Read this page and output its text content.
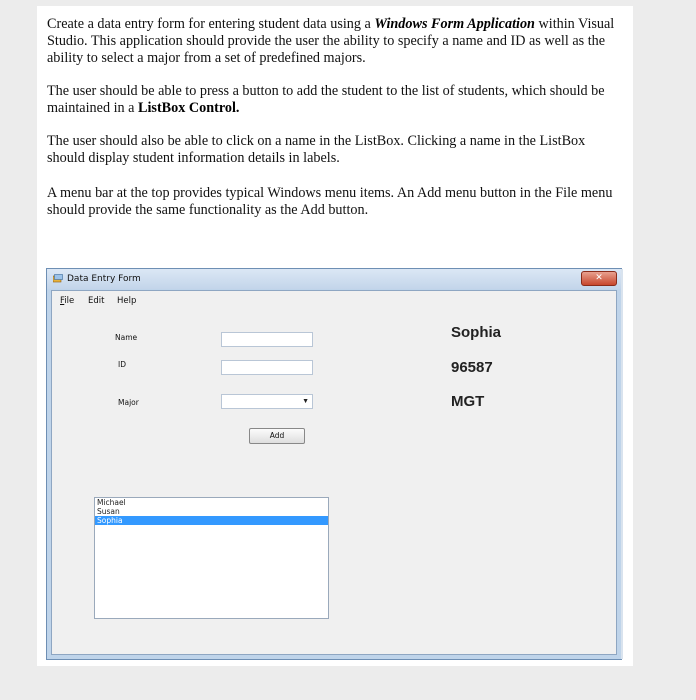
Create a data entry form for entering student data using a Windows Form Application within Visual Studio. This application should provide the user the ability to specify a name and ID as well as the ability to select a major from a set of predefined majors.

The user should be able to press a button to add the student to the list of students, which should be maintained in a ListBox Control.

The user should also be able to click on a name in the ListBox. Clicking a name in the ListBox should display student information details in labels.

A menu bar at the top provides typical Windows menu items. An Add menu button in the File menu should provide the same functionality as the Add button.

Data Entry Form	✕
File Edit Help
Name
ID
Major	▼
Add
Sophia
96587
MGT
Michael
Susan
Sophia
